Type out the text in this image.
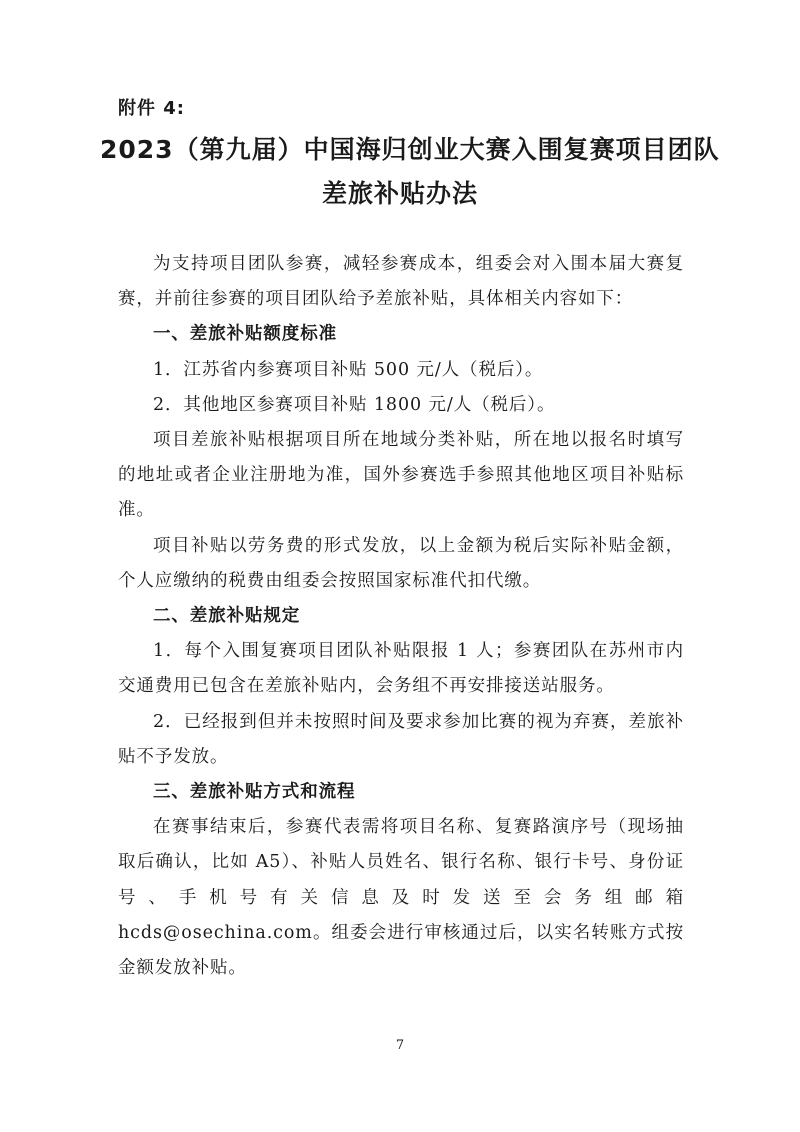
附件 4:
2023（第九届）中国海归创业大赛入围复赛项目团队
差旅补贴办法

为支持项目团队参赛，减轻参赛成本，组委会对入围本届大赛复赛，并前往参赛的项目团队给予差旅补贴，具体相关内容如下：

一、差旅补贴额度标准

1．江苏省内参赛项目补贴 500 元/人（税后）。

2．其他地区参赛项目补贴 1800 元/人（税后）。

项目差旅补贴根据项目所在地域分类补贴，所在地以报名时填写的地址或者企业注册地为准，国外参赛选手参照其他地区项目补贴标准。

项目补贴以劳务费的形式发放，以上金额为税后实际补贴金额，个人应缴纳的税费由组委会按照国家标准代扣代缴。

二、差旅补贴规定

1．每个入围复赛项目团队补贴限报 1 人；参赛团队在苏州市内交通费用已包含在差旅补贴内，会务组不再安排接送站服务。

2．已经报到但并未按照时间及要求参加比赛的视为弃赛，差旅补贴不予发放。

三、差旅补贴方式和流程

在赛事结束后，参赛代表需将项目名称、复赛路演序号（现场抽取后确认，比如 A5）、补贴人员姓名、银行名称、银行卡号、身份证号、手机号有关信息及时发送至会务组邮箱 hcds@osechina.com。组委会进行审核通过后，以实名转账方式按金额发放补贴。

7
